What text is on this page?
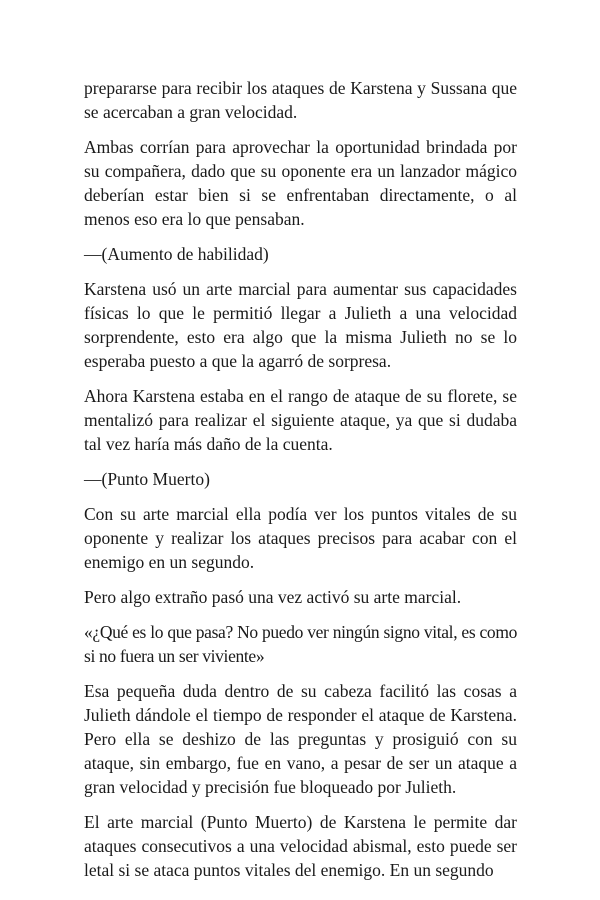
prepararse para recibir los ataques de Karstena y Sussana que se acercaban a gran velocidad.

Ambas corrían para aprovechar la oportunidad brindada por su compañera, dado que su oponente era un lanzador mágico deberían estar bien si se enfrentaban directamente, o al menos eso era lo que pensaban.

—(Aumento de habilidad)

Karstena usó un arte marcial para aumentar sus capacidades físicas lo que le permitió llegar a Julieth a una velocidad sorprendente, esto era algo que la misma Julieth no se lo esperaba puesto a que la agarró de sorpresa.

Ahora Karstena estaba en el rango de ataque de su florete, se mentalizó para realizar el siguiente ataque, ya que si dudaba tal vez haría más daño de la cuenta.

—(Punto Muerto)

Con su arte marcial ella podía ver los puntos vitales de su oponente y realizar los ataques precisos para acabar con el enemigo en un segundo.

Pero algo extraño pasó una vez activó su arte marcial.

«¿Qué es lo que pasa? No puedo ver ningún signo vital, es como si no fuera un ser viviente»

Esa pequeña duda dentro de su cabeza facilitó las cosas a Julieth dándole el tiempo de responder el ataque de Karstena. Pero ella se deshizo de las preguntas y prosiguió con su ataque, sin embargo, fue en vano, a pesar de ser un ataque a gran velocidad y precisión fue bloqueado por Julieth.

El arte marcial (Punto Muerto) de Karstena le permite dar ataques consecutivos a una velocidad abismal, esto puede ser letal si se ataca puntos vitales del enemigo. En un segundo
